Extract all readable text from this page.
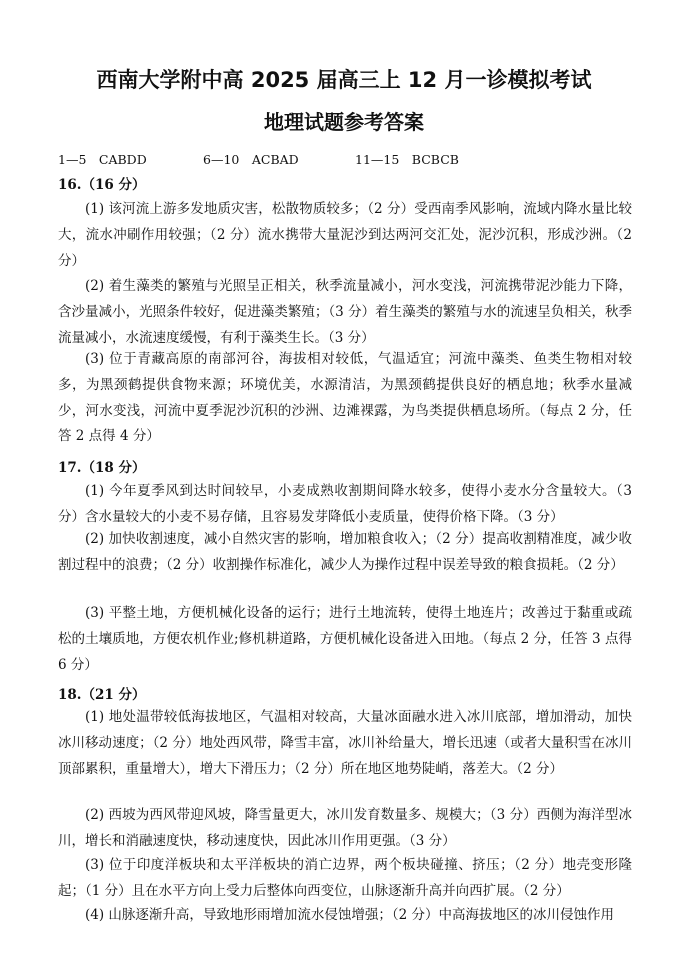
西南大学附中高 2025 届高三上 12 月一诊模拟考试
地理试题参考答案
1—5　CABDD	6—10　ACBAD	11—15　BCBCB
16.（16 分）
(1) 该河流上游多发地质灾害，松散物质较多；（2 分）受西南季风影响，流域内降水量比较大，流水冲刷作用较强；（2 分）流水携带大量泥沙到达两河交汇处，泥沙沉积，形成沙洲。（2 分）
(2) 着生藻类的繁殖与光照呈正相关，秋季流量减小，河水变浅，河流携带泥沙能力下降，含沙量减小，光照条件较好，促进藻类繁殖；（3 分）着生藻类的繁殖与水的流速呈负相关，秋季流量减小，水流速度缓慢，有利于藻类生长。（3 分）
(3) 位于青藏高原的南部河谷，海拔相对较低，气温适宜；河流中藻类、鱼类生物相对较多，为黑颈鹤提供食物来源；环境优美，水源清洁，为黑颈鹤提供良好的栖息地；秋季水量减少，河水变浅，河流中夏季泥沙沉积的沙洲、边滩裸露，为鸟类提供栖息场所。（每点 2 分，任答 2 点得 4 分）
17.（18 分）
(1) 今年夏季风到达时间较早，小麦成熟收割期间降水较多，使得小麦水分含量较大。（3 分）含水量较大的小麦不易存储，且容易发芽降低小麦质量，使得价格下降。（3 分）
(2) 加快收割速度，减小自然灾害的影响，增加粮食收入；（2 分）提高收割精准度，减少收割过程中的浪费；（2 分）收割操作标准化，减少人为操作过程中误差导致的粮食损耗。（2 分）
(3) 平整土地，方便机械化设备的运行；进行土地流转，使得土地连片；改善过于黏重或疏松的土壤质地，方便农机作业;修机耕道路，方便机械化设备进入田地。（每点 2 分，任答 3 点得 6 分）
18.（21 分）
(1) 地处温带较低海拔地区，气温相对较高，大量冰面融水进入冰川底部，增加滑动，加快冰川移动速度；（2 分）地处西风带，降雪丰富，冰川补给量大，增长迅速（或者大量积雪在冰川顶部累积，重量增大），增大下滑压力；（2 分）所在地区地势陡峭，落差大。（2 分）
(2) 西坡为西风带迎风坡，降雪量更大，冰川发育数量多、规模大；（3 分）西侧为海洋型冰川，增长和消融速度快，移动速度快，因此冰川作用更强。（3 分）
(3) 位于印度洋板块和太平洋板块的消亡边界，两个板块碰撞、挤压；（2 分）地壳变形隆起；（1 分）且在水平方向上受力后整体向西变位，山脉逐渐升高并向西扩展。（2 分）
(4) 山脉逐渐升高，导致地形雨增加流水侵蚀增强；（2 分）中高海拔地区的冰川侵蚀作用
